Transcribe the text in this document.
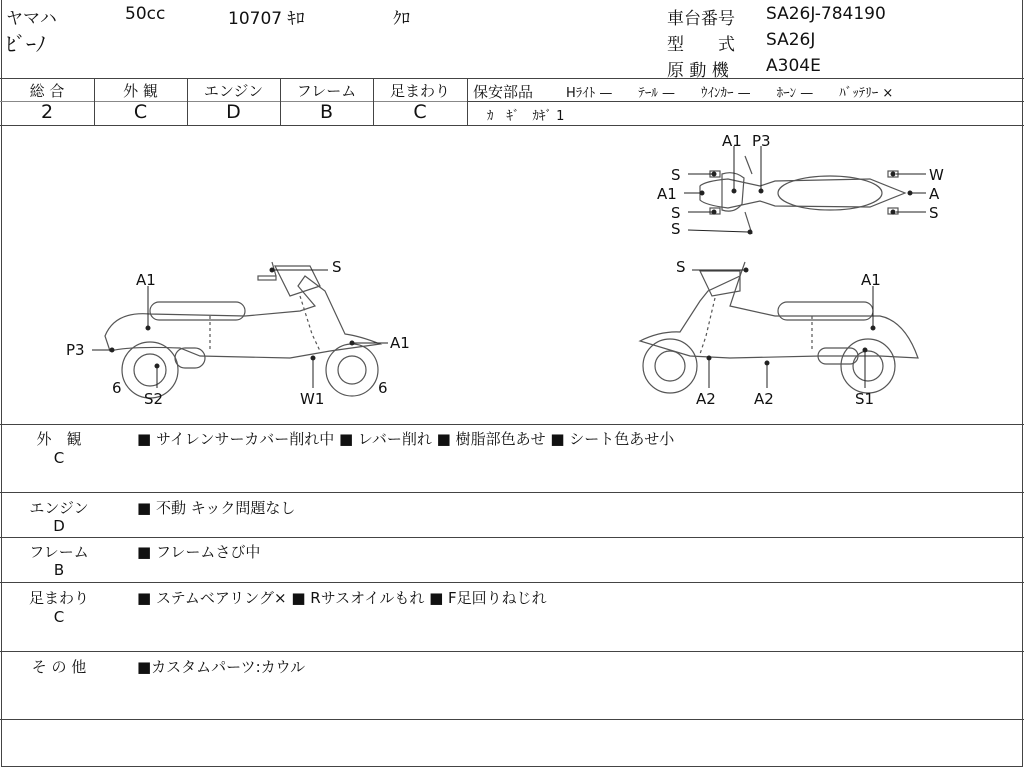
ヤマハ	50cc	10707 ｷﾛ	ｸﾛ
ﾋﾞｰﾉ
車台番号 SA26J-784190
型　　式 SA26J
原 動 機 A304E
総 合	外 観	エンジン	フレーム	足まわり
2	C	D	B	C
保安部品	Hﾗｲﾄ —　　ﾃｰﾙ —　　ｳｲﾝｶｰ —　　ﾎｰﾝ —　　ﾊﾞｯﾃﾘｰ ×
ｶ　ｷﾞ　ｶｷﾞ 1
A1 P3
S
A1
S
S
W
A
S
S
A1
P3	A1
6
S2	W1
6
S
A1
A2	A2	S1
外　観
C
■ サイレンサーカバー削れ中 ■ レバー削れ ■ 樹脂部色あせ ■ シート色あせ小
エンジン
D
■ 不動 キック問題なし
フレーム
B
■ フレームさび中
足まわり
C
■ ステムベアリング× ■ Rサスオイルもれ ■ F足回りねじれ
そ の 他	■カスタムパーツ:カウル
